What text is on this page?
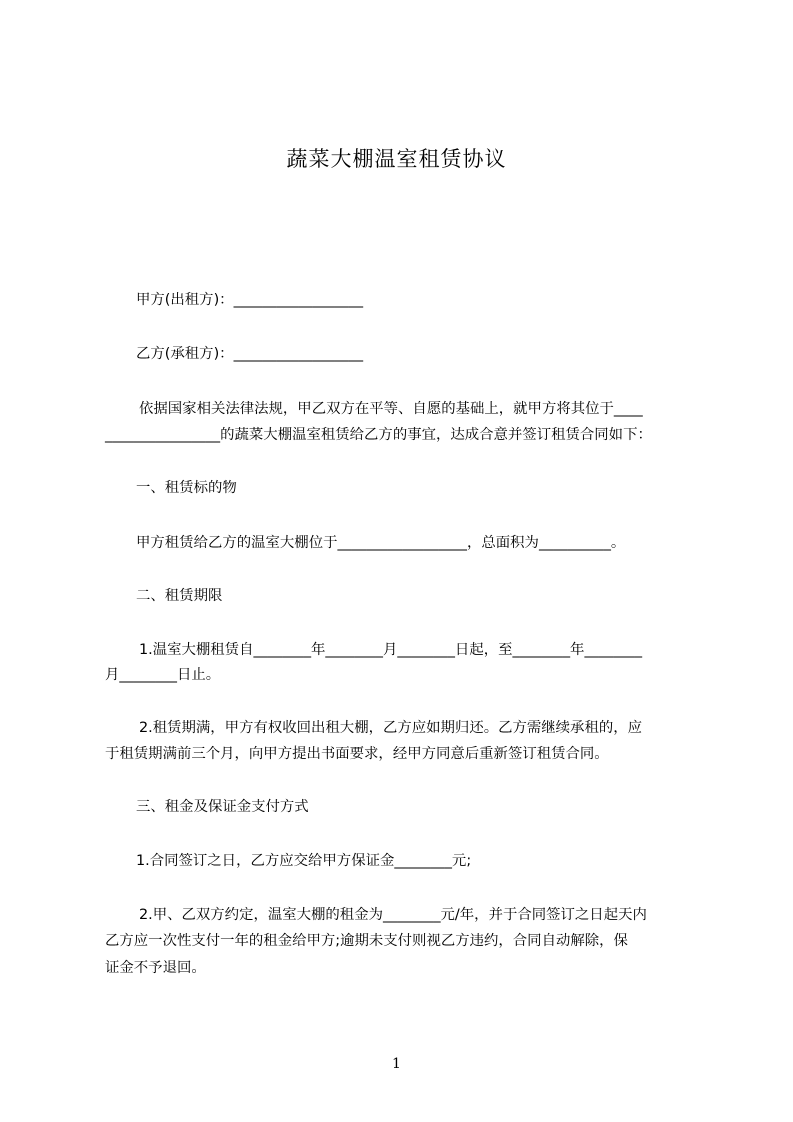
蔬菜大棚温室租赁协议
甲方(出租方)：__________________
乙方(承租方)：__________________
依据国家相关法律法规，甲乙双方在平等、自愿的基础上，就甲方将其位于____
________________的蔬菜大棚温室租赁给乙方的事宜，达成合意并签订租赁合同如下：
一、租赁标的物
甲方租赁给乙方的温室大棚位于__________________，总面积为__________。
二、租赁期限
1.温室大棚租赁自________年________月________日起，至________年________
月________日止。
2.租赁期满，甲方有权收回出租大棚，乙方应如期归还。乙方需继续承租的，应
于租赁期满前三个月，向甲方提出书面要求，经甲方同意后重新签订租赁合同。
三、租金及保证金支付方式
1.合同签订之日，乙方应交给甲方保证金________元;
2.甲、乙双方约定，温室大棚的租金为________元/年，并于合同签订之日起天内
乙方应一次性支付一年的租金给甲方;逾期未支付则视乙方违约，合同自动解除，保
证金不予退回。
1
